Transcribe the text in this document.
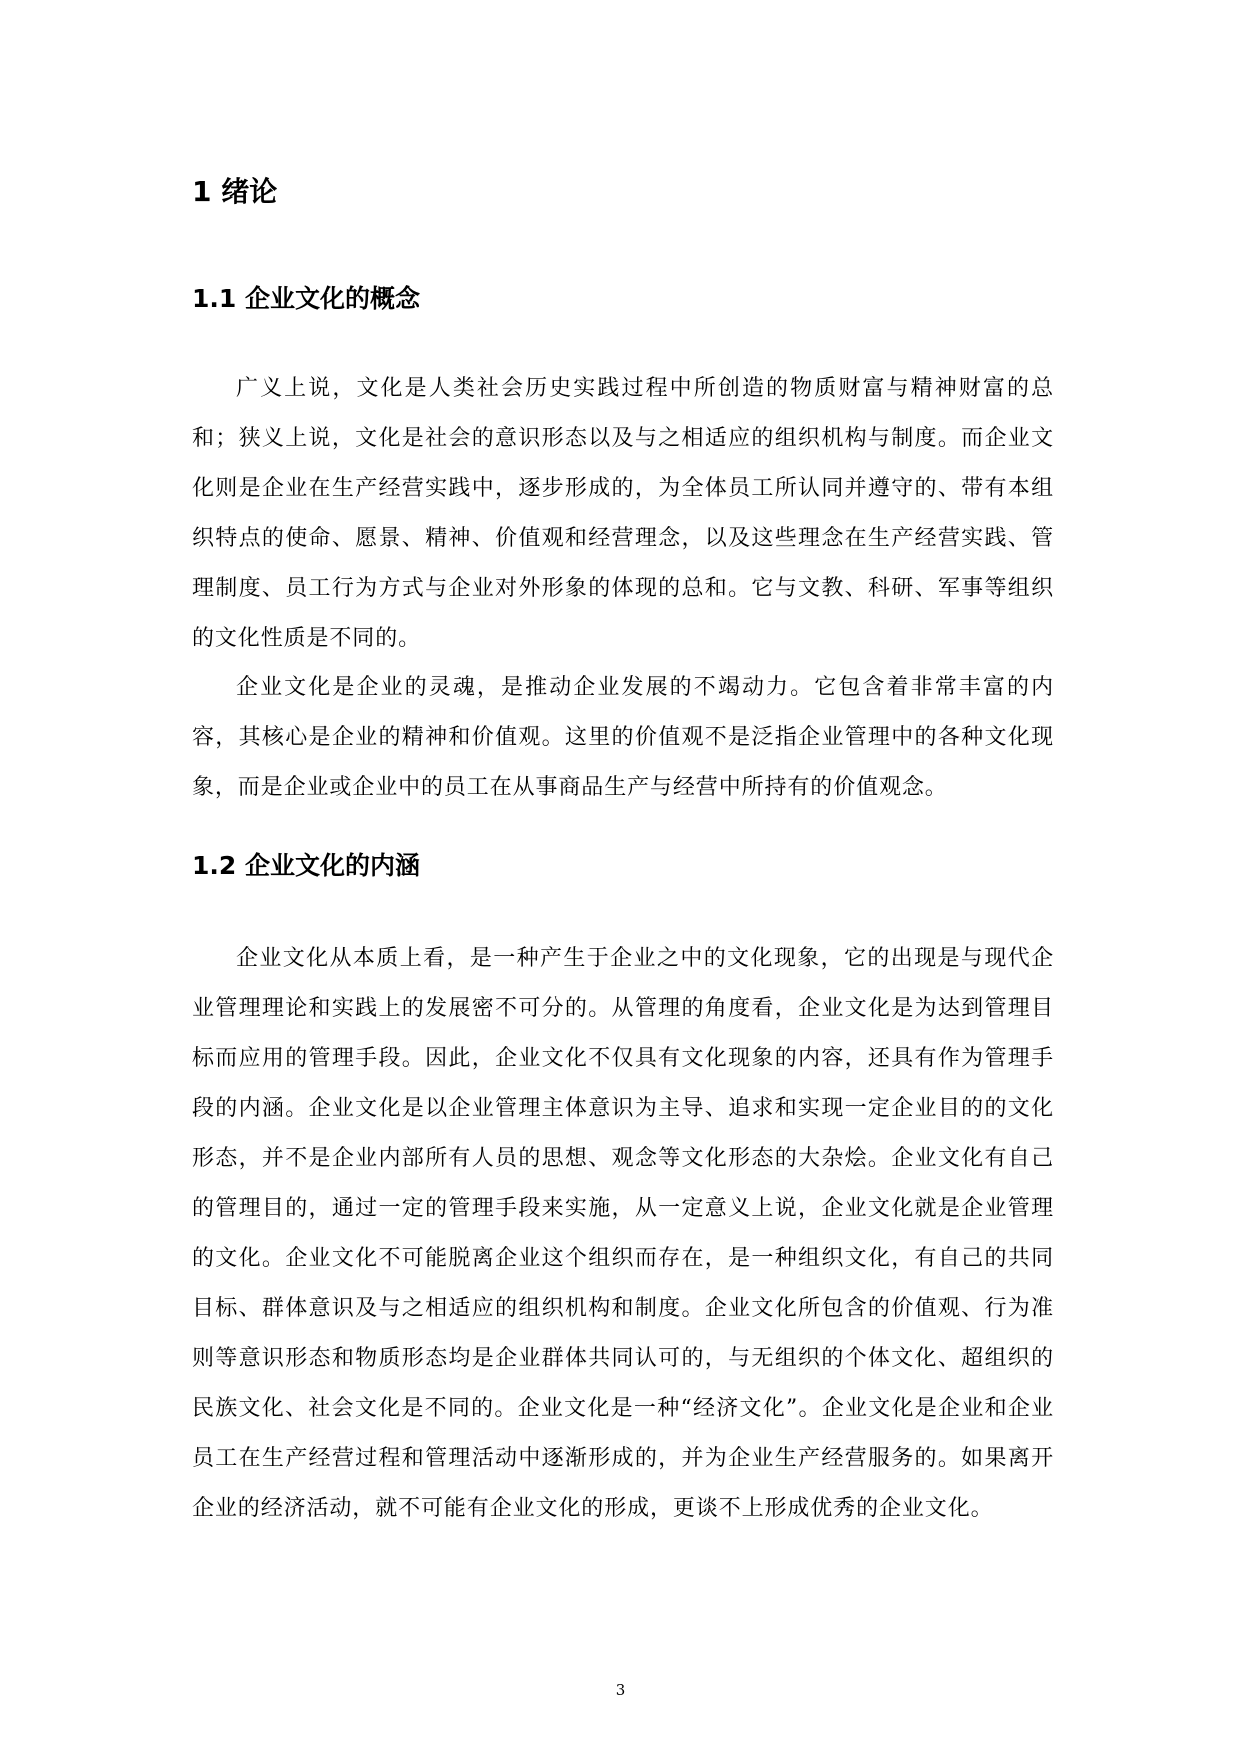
1 绪论
1.1 企业文化的概念

广义上说，文化是人类社会历史实践过程中所创造的物质财富与精神财富的总和；狭义上说，文化是社会的意识形态以及与之相适应的组织机构与制度。而企业文化则是企业在生产经营实践中，逐步形成的，为全体员工所认同并遵守的、带有本组织特点的使命、愿景、精神、价值观和经营理念，以及这些理念在生产经营实践、管理制度、员工行为方式与企业对外形象的体现的总和。它与文教、科研、军事等组织的文化性质是不同的。

企业文化是企业的灵魂，是推动企业发展的不竭动力。它包含着非常丰富的内容，其核心是企业的精神和价值观。这里的价值观不是泛指企业管理中的各种文化现象，而是企业或企业中的员工在从事商品生产与经营中所持有的价值观念。

1.2 企业文化的内涵

企业文化从本质上看，是一种产生于企业之中的文化现象，它的出现是与现代企业管理理论和实践上的发展密不可分的。从管理的角度看，企业文化是为达到管理目标而应用的管理手段。因此，企业文化不仅具有文化现象的内容，还具有作为管理手段的内涵。企业文化是以企业管理主体意识为主导、追求和实现一定企业目的的文化形态，并不是企业内部所有人员的思想、观念等文化形态的大杂烩。企业文化有自己的管理目的，通过一定的管理手段来实施，从一定意义上说，企业文化就是企业管理的文化。企业文化不可能脱离企业这个组织而存在，是一种组织文化，有自己的共同目标、群体意识及与之相适应的组织机构和制度。企业文化所包含的价值观、行为准则等意识形态和物质形态均是企业群体共同认可的，与无组织的个体文化、超组织的民族文化、社会文化是不同的。企业文化是一种“经济文化”。企业文化是企业和企业员工在生产经营过程和管理活动中逐渐形成的，并为企业生产经营服务的。如果离开企业的经济活动，就不可能有企业文化的形成，更谈不上形成优秀的企业文化。

3
